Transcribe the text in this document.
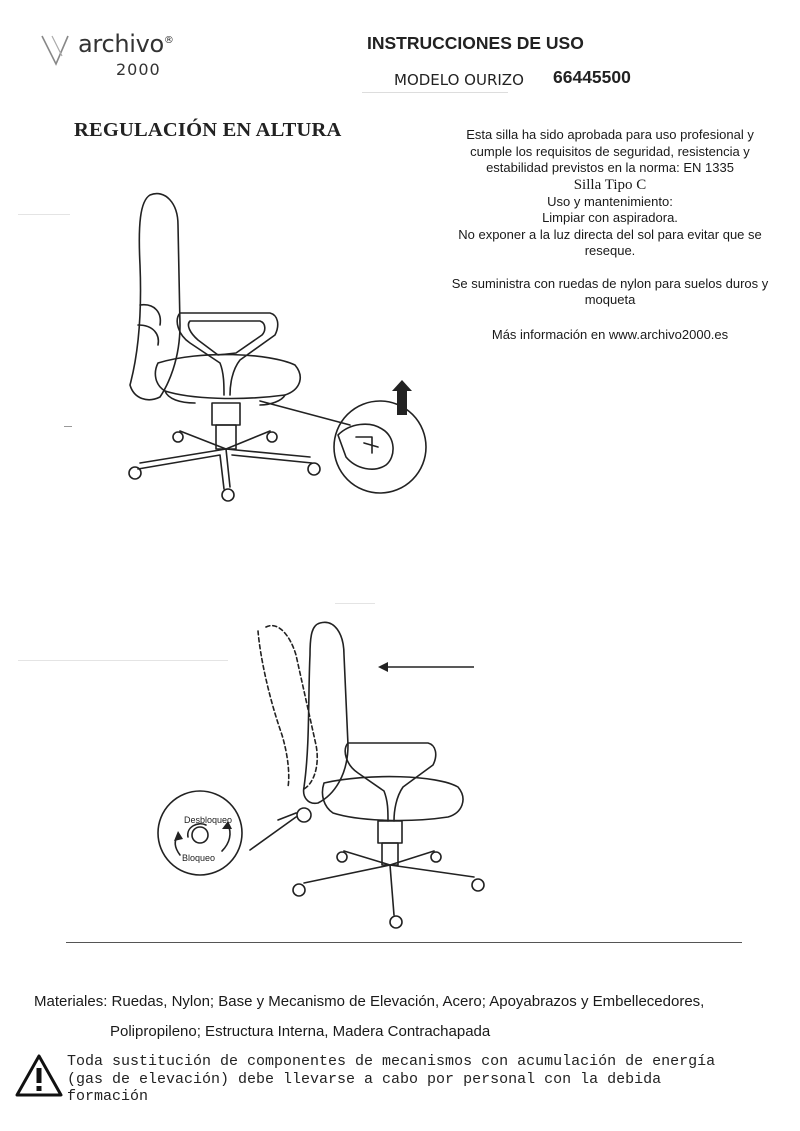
archivo®
2000
INSTRUCCIONES DE USO
MODELO OURIZO 66445500
REGULACIÓN EN ALTURA	Esta silla ha sido aprobada para uso profesional y

cumple los requisitos de seguridad, resistencia y

estabilidad previstos en la norma: EN 1335

Silla Tipo C

Uso y mantenimiento:

Limpiar con aspiradora.

No exponer a la luz directa del sol para evitar que se

reseque.

Se suministra con ruedas de nylon para suelos duros y

moqueta

Más información en www.archivo2000.es

Desbloqueo
Bloqueo
Materiales: Ruedas, Nylon; Base y Mecanismo de Elevación, Acero; Apoyabrazos y Embellecedores,
Polipropileno; Estructura Interna, Madera Contrachapada
Toda sustitución de componentes de mecanismos con acumulación de energía
(gas de elevación) debe llevarse a cabo por personal con la debida
formación
